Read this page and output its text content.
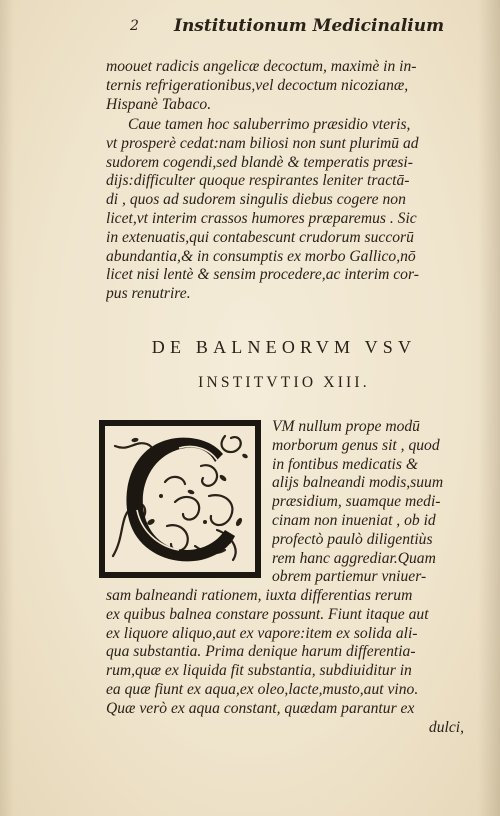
2 Institutionum Medicinalium
moouet radicis angelicæ decoctum, maximè in in-
ternis refrigerationibus,vel decoctum nicozianæ,
Hispanè Tabaco.
Caue tamen hoc saluberrimo præsidio vteris,
vt prosperè cedat:nam biliosi non sunt plurimū ad
sudorem cogendi,sed blandè & temperatis præsi-
dijs:difficulter quoque respirantes leniter tractā-
di , quos ad sudorem singulis diebus cogere non
licet,vt interim crassos humores præparemus . Sic
in extenuatis,qui contabescunt crudorum succorū
abundantia,& in consumptis ex morbo Gallico,nō
licet nisi lentè & sensim procedere,ac interim cor-
pus renutrire.
DE BALNEORVM VSV
INSTITVTIO XIII.
VM nullum prope modū
morborum genus sit , quod
in fontibus medicatis &
alijs balneandi modis,suum
præsidium, suamque medi-
cinam non inueniat , ob id
profectò paulò diligentiùs
rem hanc aggrediar.Quam
obrem partiemur vniuer-
sam balneandi rationem, iuxta differentias rerum
ex quibus balnea constare possunt. Fiunt itaque aut
ex liquore aliquo,aut ex vapore:item ex solida ali-
qua substantia. Prima denique harum differentia-
rum,quæ ex liquida fit substantia, subdiuiditur in
ea quæ fiunt ex aqua,ex oleo,lacte,musto,aut vino.
Quæ verò ex aqua constant, quædam parantur ex
dulci,
